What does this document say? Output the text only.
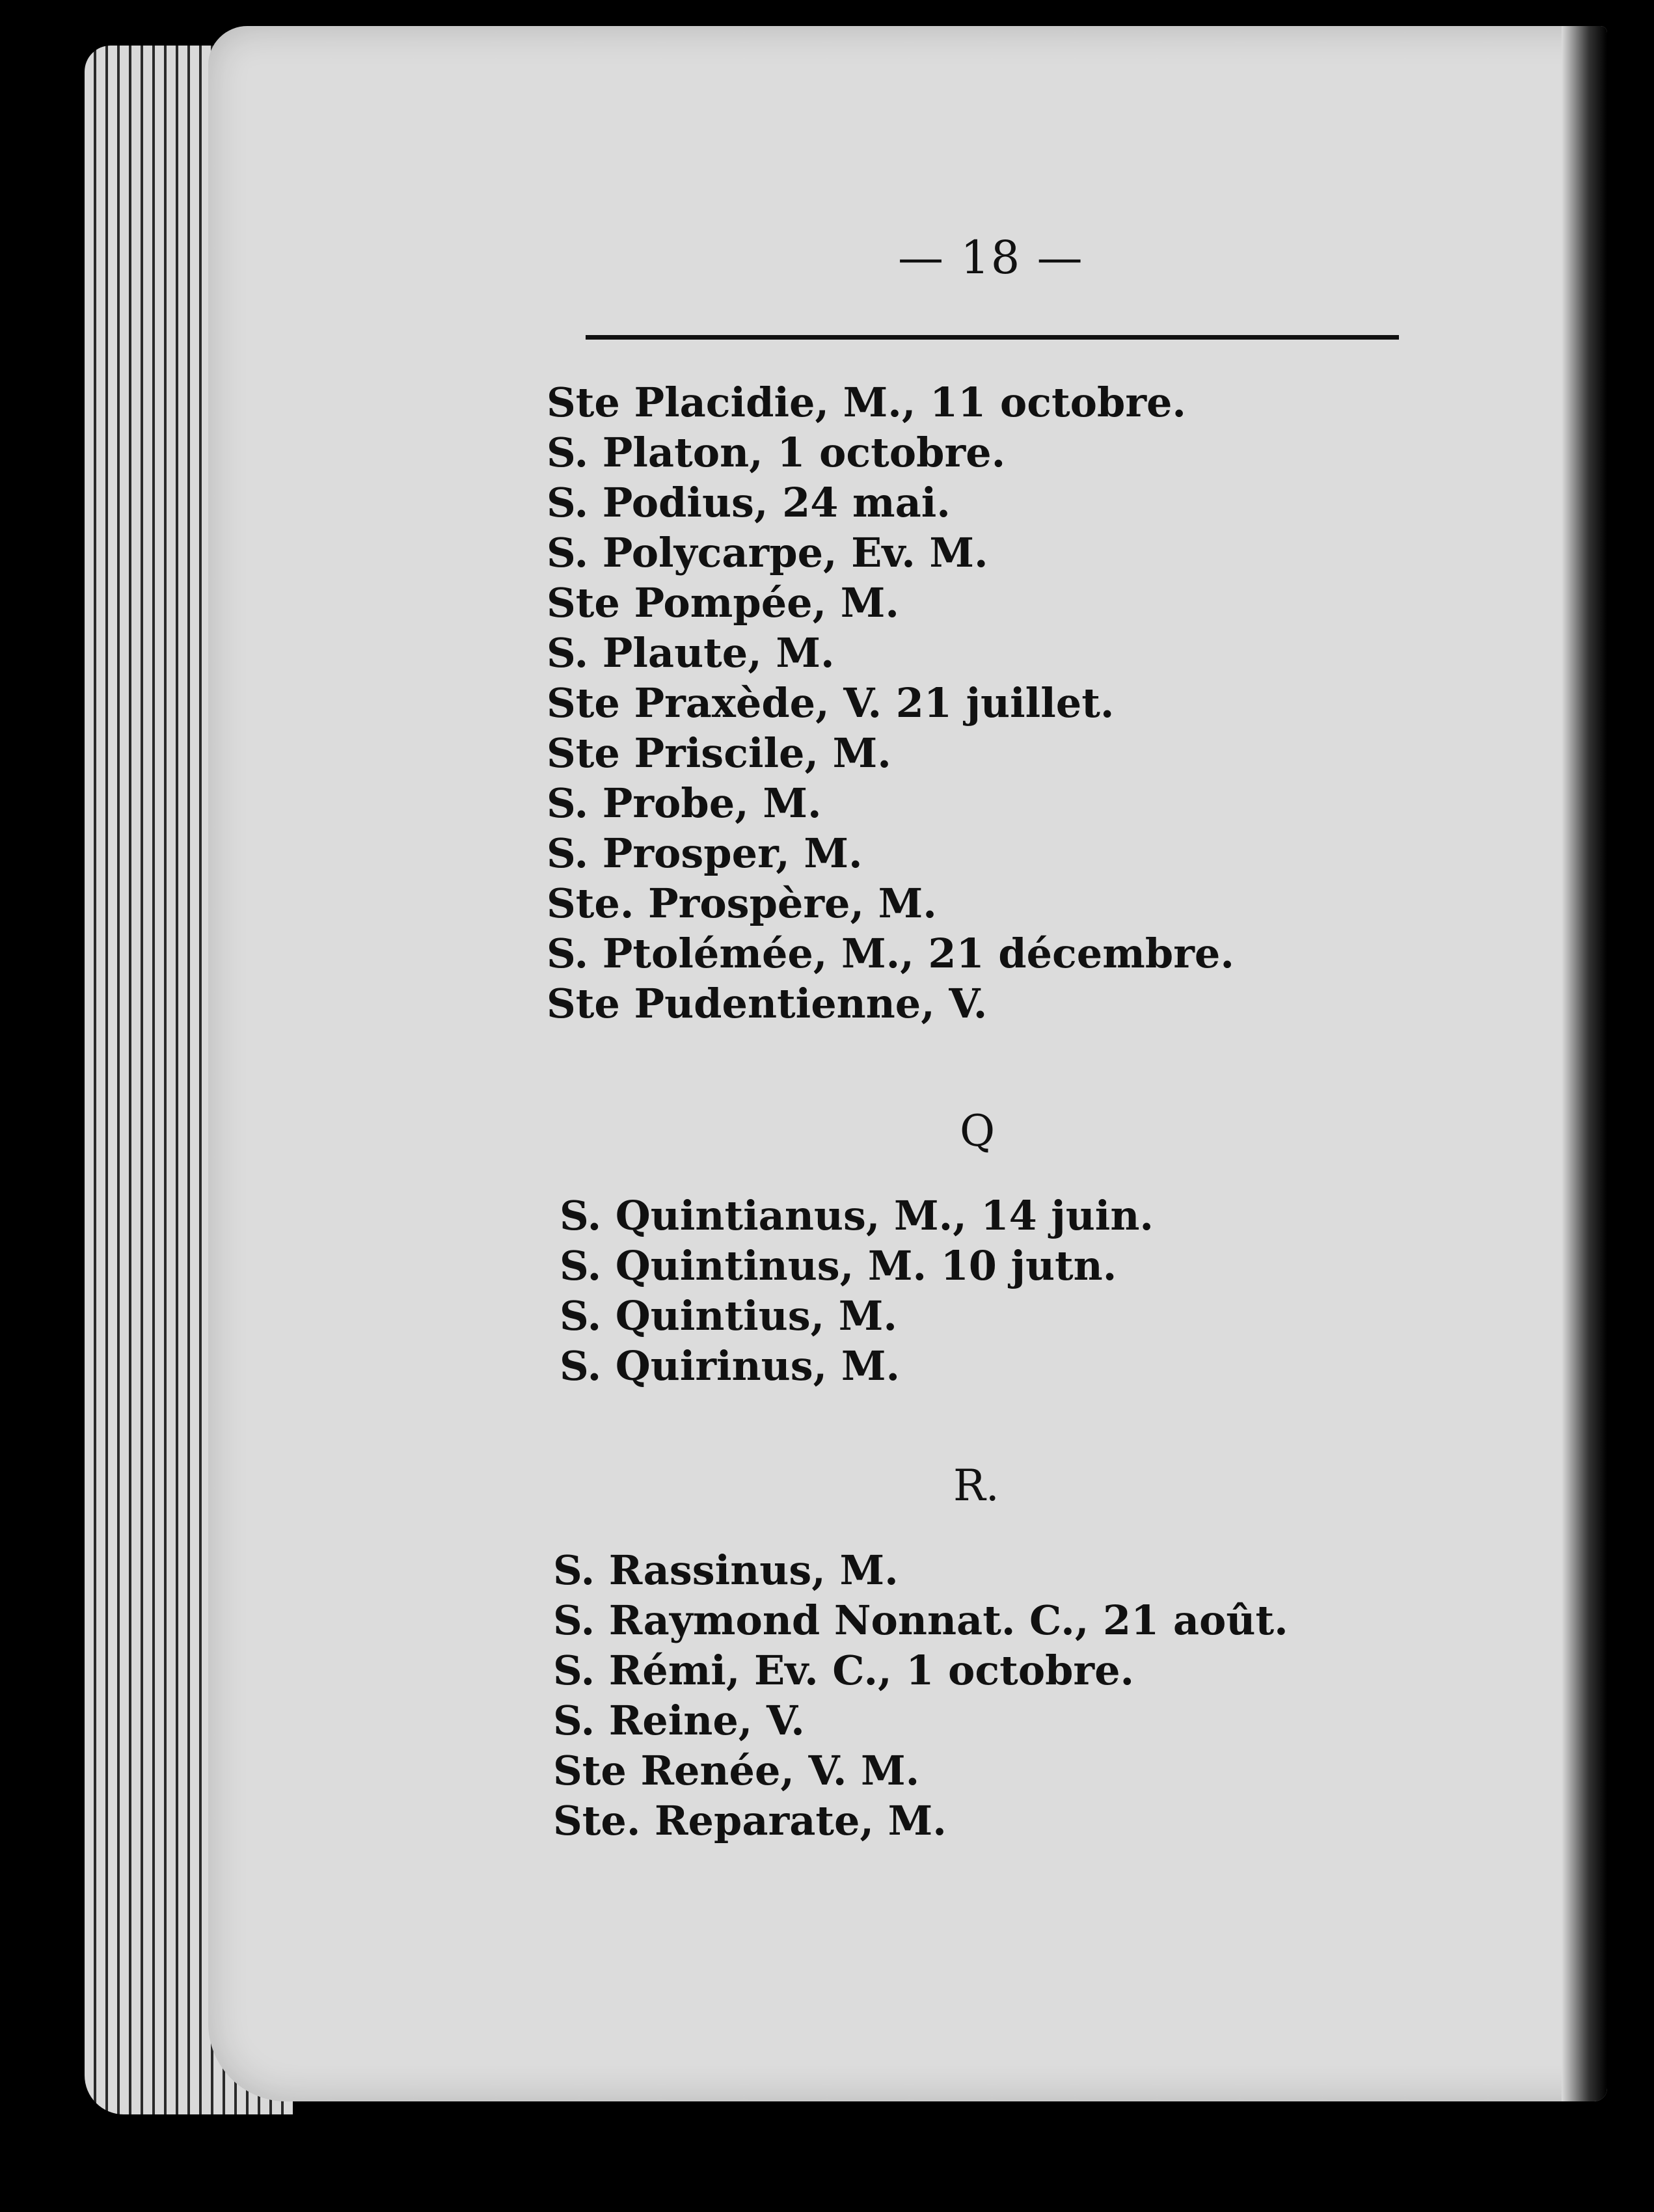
— 18 —
Ste Placidie, M., 11 octobre.
S. Platon, 1 octobre.
S. Podius, 24 mai.
S. Polycarpe, Ev. M.
Ste Pompée, M.
S. Plaute, M.
Ste Praxède, V. 21 juillet.
Ste Priscile, M.
S. Probe, M.
S. Prosper, M.
Ste. Prospère, M.
S. Ptolémée, M., 21 décembre.
Ste Pudentienne, V.
Q
S. Quintianus, M., 14 juin.
S. Quintinus, M. 10 jutn.
S. Quintius, M.
S. Quirinus, M.
R.
S. Rassinus, M.
S. Raymond Nonnat. C., 21 août.
S. Rémi, Ev. C., 1 octobre.
S. Reine, V.
Ste Renée, V. M.
Ste. Reparate, M.
